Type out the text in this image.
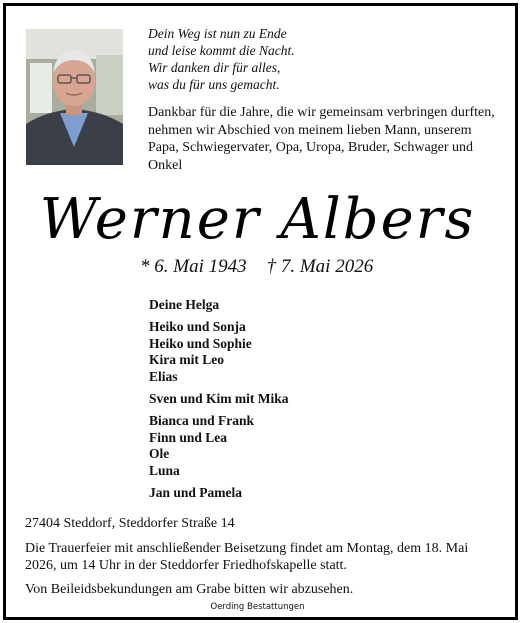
Dein Weg ist nun zu Ende
und leise kommt die Nacht.
Wir danken dir für alles,
was du für uns gemacht.
Dankbar für die Jahre, die wir gemeinsam verbringen durften, nehmen wir Abschied von meinem lieben Mann, unserem Papa, Schwiegervater, Opa, Uropa, Bruder, Schwager und Onkel
Werner Albers
* 6. Mai 1943 † 7. Mai 2026
Deine Helga
Heiko und Sonja
Heiko und Sophie
Kira mit Leo
Elias
Sven und Kim mit Mika
Bianca und Frank
Finn und Lea
Ole
Luna
Jan und Pamela
27404 Steddorf, Steddorfer Straße 14
Die Trauerfeier mit anschließender Beisetzung findet am Montag, dem 18. Mai 2026, um 14 Uhr in der Steddorfer Friedhofskapelle statt.
Von Beileidsbekundungen am Grabe bitten wir abzusehen.
Oerding Bestattungen
